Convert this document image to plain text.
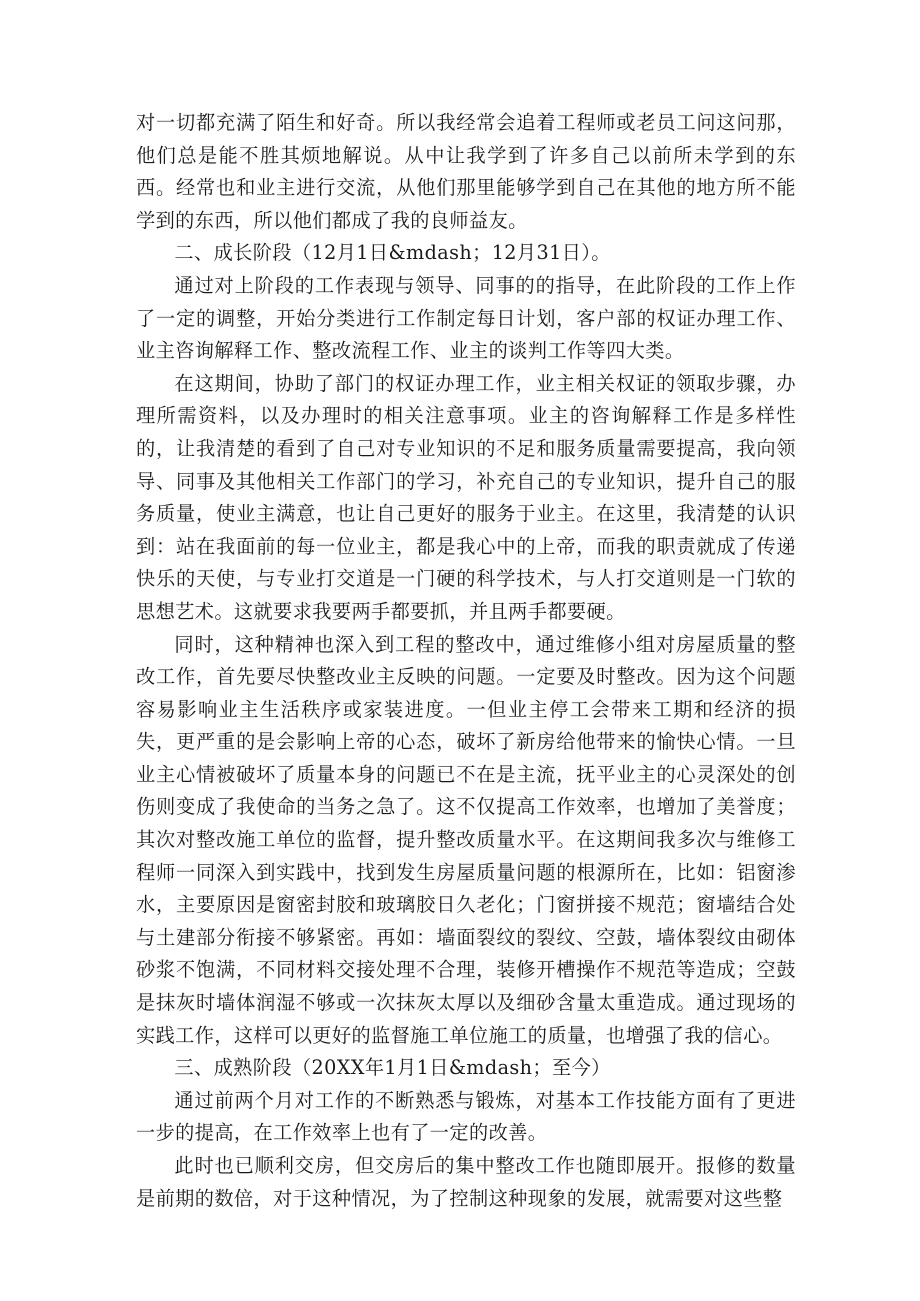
对一切都充满了陌生和好奇。所以我经常会追着工程师或老员工问这问那，他们总是能不胜其烦地解说。从中让我学到了许多自己以前所未学到的东西。经常也和业主进行交流，从他们那里能够学到自己在其他的地方所不能学到的东西，所以他们都成了我的良师益友。

二、成长阶段（12月1日&mdash；12月31日）。

通过对上阶段的工作表现与领导、同事的的指导，在此阶段的工作上作了一定的调整，开始分类进行工作制定每日计划，客户部的权证办理工作、业主咨询解释工作、整改流程工作、业主的谈判工作等四大类。

在这期间，协助了部门的权证办理工作，业主相关权证的领取步骤，办理所需资料，以及办理时的相关注意事项。业主的咨询解释工作是多样性的，让我清楚的看到了自己对专业知识的不足和服务质量需要提高，我向领导、同事及其他相关工作部门的学习，补充自己的专业知识，提升自己的服务质量，使业主满意，也让自己更好的服务于业主。在这里，我清楚的认识到：站在我面前的每一位业主，都是我心中的上帝，而我的职责就成了传递快乐的天使，与专业打交道是一门硬的科学技术，与人打交道则是一门软的思想艺术。这就要求我要两手都要抓，并且两手都要硬。

同时，这种精神也深入到工程的整改中，通过维修小组对房屋质量的整改工作，首先要尽快整改业主反映的问题。一定要及时整改。因为这个问题容易影响业主生活秩序或家装进度。一但业主停工会带来工期和经济的损失，更严重的是会影响上帝的心态，破坏了新房给他带来的愉快心情。一旦业主心情被破坏了质量本身的问题已不在是主流，抚平业主的心灵深处的创伤则变成了我使命的当务之急了。这不仅提高工作效率，也增加了美誉度；其次对整改施工单位的监督，提升整改质量水平。在这期间我多次与维修工程师一同深入到实践中，找到发生房屋质量问题的根源所在，比如：铝窗渗水，主要原因是窗密封胶和玻璃胶日久老化；门窗拼接不规范；窗墙结合处与土建部分衔接不够紧密。再如：墙面裂纹的裂纹、空鼓，墙体裂纹由砌体砂浆不饱满，不同材料交接处理不合理，装修开槽操作不规范等造成；空鼓是抹灰时墙体润湿不够或一次抹灰太厚以及细砂含量太重造成。通过现场的实践工作，这样可以更好的监督施工单位施工的质量，也增强了我的信心。

三、成熟阶段（20XX年1月1日&mdash；至今）

通过前两个月对工作的不断熟悉与锻炼，对基本工作技能方面有了更进一步的提高，在工作效率上也有了一定的改善。

此时也已顺利交房，但交房后的集中整改工作也随即展开。报修的数量是前期的数倍，对于这种情况，为了控制这种现象的发展，就需要对这些整
